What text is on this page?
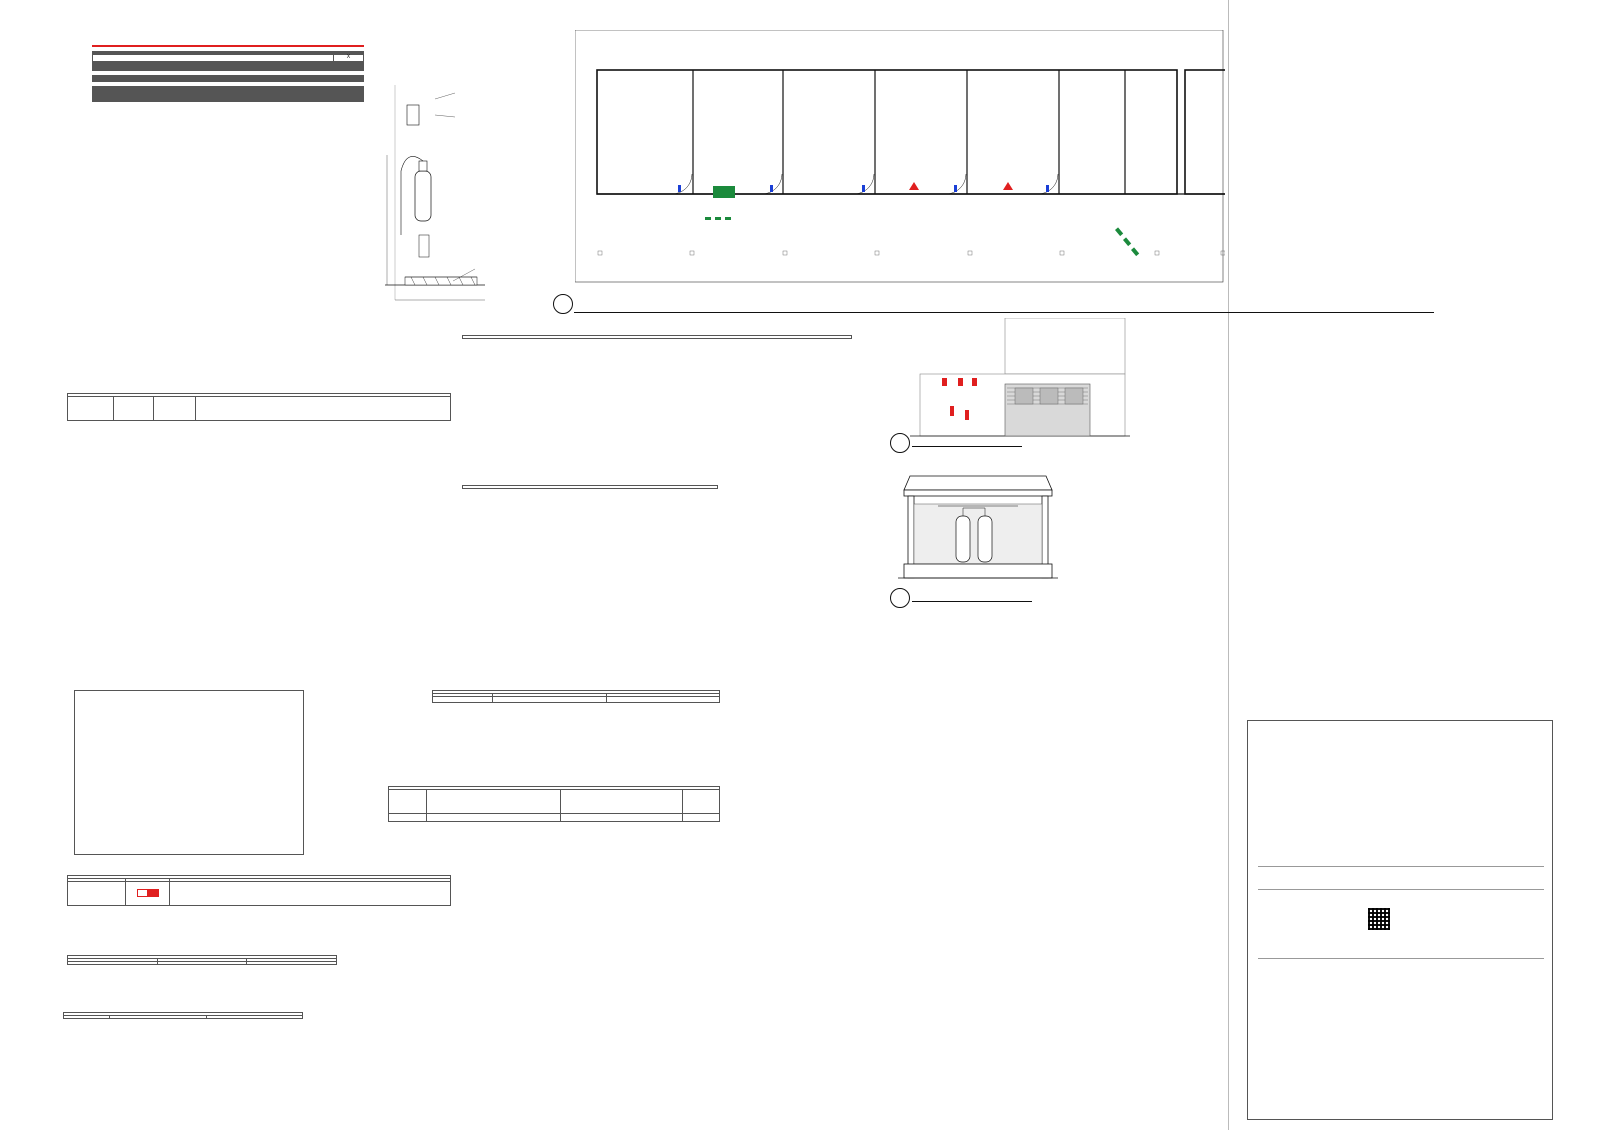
			X
